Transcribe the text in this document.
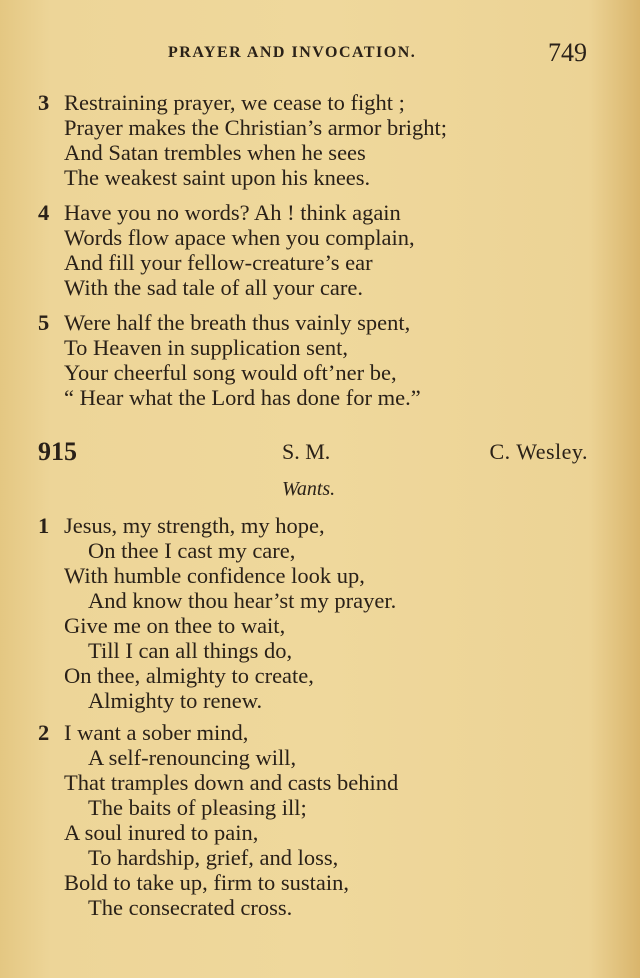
PRAYER AND INVOCATION.	749
3 Restraining prayer, we cease to fight ;
Prayer makes the Christian’s armor bright;
And Satan trembles when he sees
The weakest saint upon his knees.
4 Have you no words? Ah ! think again
Words flow apace when you complain,
And fill your fellow-creature’s ear
With the sad tale of all your care.
5 Were half the breath thus vainly spent,
To Heaven in supplication sent,
Your cheerful song would oft’ner be,
“ Hear what the Lord has done for me.”
915	S. M.	C. Wesley.
Wants.
1 Jesus, my strength, my hope,
On thee I cast my care,
With humble confidence look up,
And know thou hear’st my prayer.
Give me on thee to wait,
Till I can all things do,
On thee, almighty to create,
Almighty to renew.
2 I want a sober mind,
A self-renouncing will,
That tramples down and casts behind
The baits of pleasing ill;
A soul inured to pain,
To hardship, grief, and loss,
Bold to take up, firm to sustain,
The consecrated cross.
